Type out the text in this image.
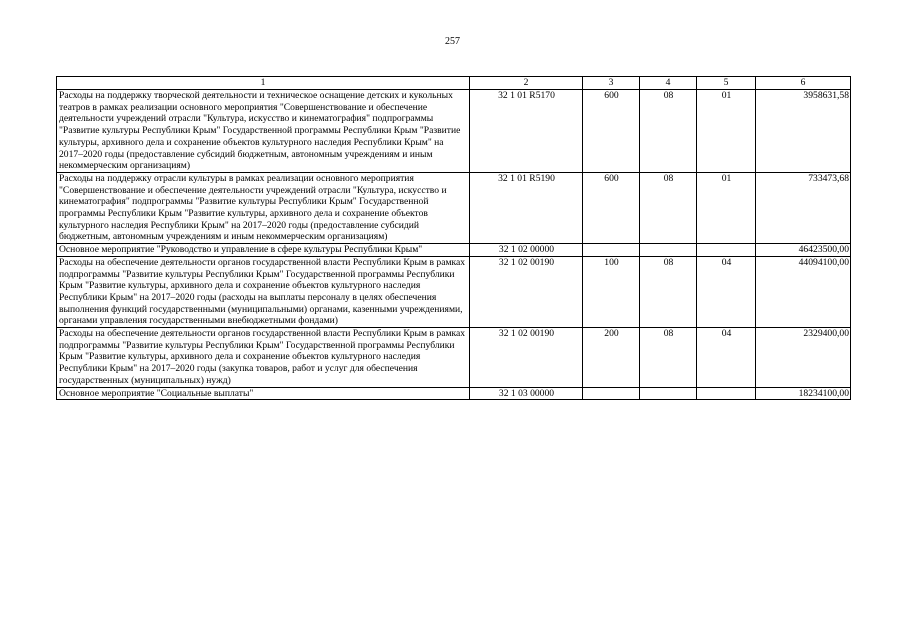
257
1	2	3	4	5	6
Расходы на поддержку творческой деятельности и техническое оснащение детских и кукольных театров в рамках реализации основного мероприятия "Совершенствование и обеспечение деятельности учреждений отрасли "Культура, искусство и кинематография" подпрограммы "Развитие культуры Республики Крым" Государственной программы Республики Крым "Развитие культуры, архивного дела и сохранение объектов культурного наследия Республики Крым" на 2017–2020 годы (предоставление субсидий бюджетным, автономным учреждениям и иным некоммерческим организациям)	32 1 01 R5170	600	08	01	3958631,58
Расходы на поддержку отрасли культуры в рамках реализации основного мероприятия "Совершенствование и обеспечение деятельности учреждений отрасли "Культура, искусство и кинематография" подпрограммы "Развитие культуры Республики Крым" Государственной программы Республики Крым "Развитие культуры, архивного дела и сохранение объектов культурного наследия Республики Крым" на 2017–2020 годы (предоставление субсидий бюджетным, автономным учреждениям и иным некоммерческим организациям)	32 1 01 R5190	600	08	01	733473,68
Основное мероприятие "Руководство и управление в сфере культуры Республики Крым"	32 1 02 00000				46423500,00
Расходы на обеспечение деятельности органов государственной власти Республики Крым в рамках подпрограммы "Развитие культуры Республики Крым" Государственной программы Республики Крым "Развитие культуры, архивного дела и сохранение объектов культурного наследия Республики Крым" на 2017–2020 годы (расходы на выплаты персоналу в целях обеспечения выполнения функций государственными (муниципальными) органами, казенными учреждениями, органами управления государственными внебюджетными фондами)	32 1 02 00190	100	08	04	44094100,00
Расходы на обеспечение деятельности органов государственной власти Республики Крым в рамках подпрограммы "Развитие культуры Республики Крым" Государственной программы Республики Крым "Развитие культуры, архивного дела и сохранение объектов культурного наследия Республики Крым" на 2017–2020 годы (закупка товаров, работ и услуг для обеспечения государственных (муниципальных) нужд)	32 1 02 00190	200	08	04	2329400,00
Основное мероприятие "Социальные выплаты"	32 1 03 00000				18234100,00
